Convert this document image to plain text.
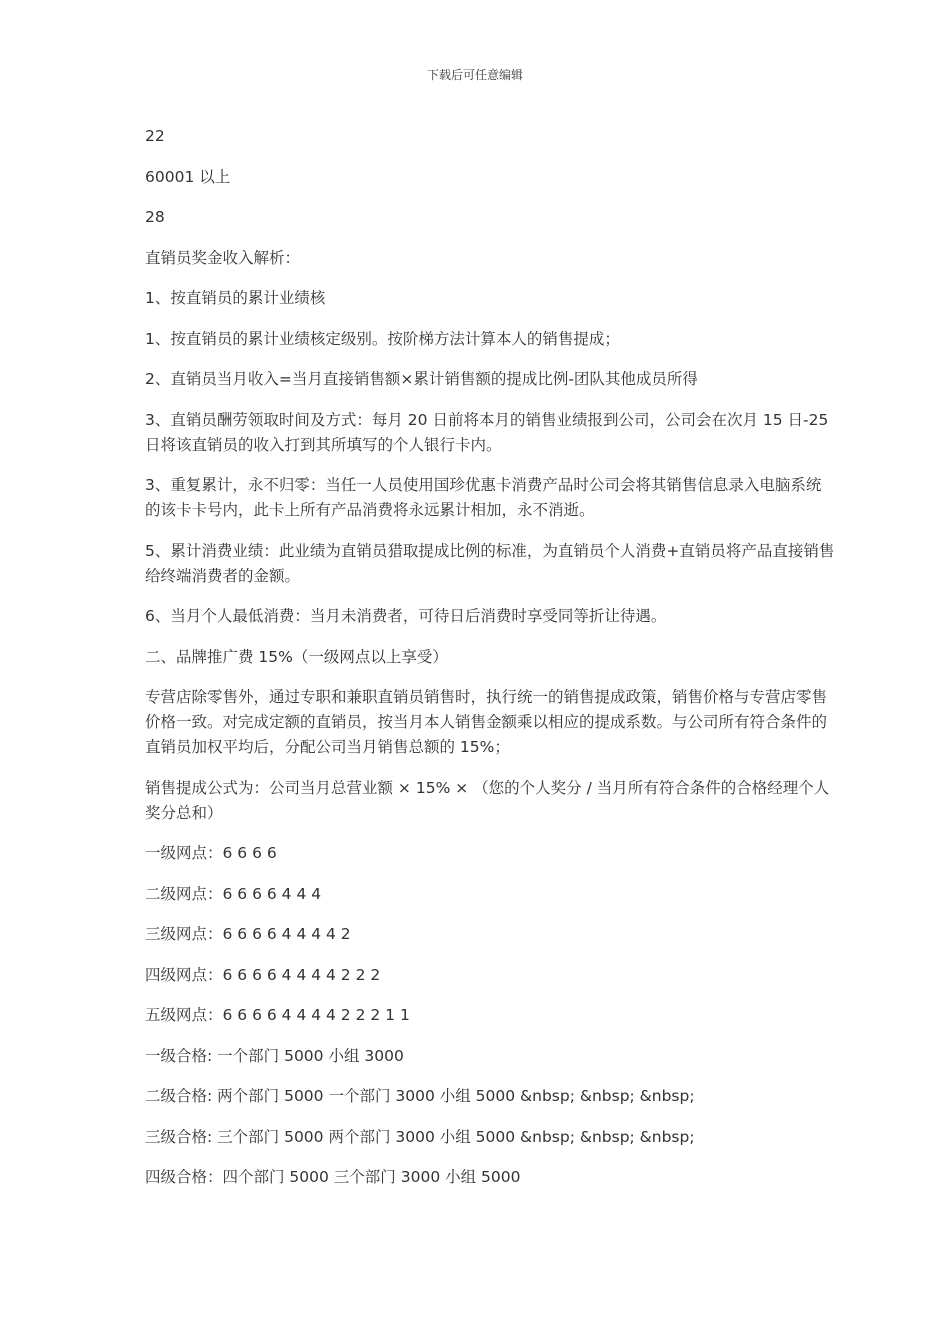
下载后可任意编辑

22

60001 以上

28

直销员奖金收入解析：

1、按直销员的累计业绩核

1、按直销员的累计业绩核定级别。按阶梯方法计算本人的销售提成；

2、直销员当月收入=当月直接销售额×累计销售额的提成比例-团队其他成员所得

3、直销员酬劳领取时间及方式：每月 20 日前将本月的销售业绩报到公司，公司会在次月 15 日-25 日将该直销员的收入打到其所填写的个人银行卡内。

3、重复累计，永不归零：当任一人员使用国珍优惠卡消费产品时公司会将其销售信息录入电脑系统的该卡卡号内，此卡上所有产品消费将永远累计相加，永不消逝。

5、累计消费业绩：此业绩为直销员猎取提成比例的标准，为直销员个人消费+直销员将产品直接销售给终端消费者的金额。

6、当月个人最低消费：当月未消费者，可待日后消费时享受同等折让待遇。

二、品牌推广费 15%（一级网点以上享受）

专营店除零售外，通过专职和兼职直销员销售时，执行统一的销售提成政策，销售价格与专营店零售价格一致。对完成定额的直销员，按当月本人销售金额乘以相应的提成系数。与公司所有符合条件的直销员加权平均后，分配公司当月销售总额的 15%；

销售提成公式为：公司当月总营业额 × 15% × （您的个人奖分 / 当月所有符合条件的合格经理个人奖分总和）

一级网点：6 6 6 6

二级网点：6 6 6 6 4 4 4

三级网点：6 6 6 6 4 4 4 4 2

四级网点：6 6 6 6 4 4 4 4 2 2 2

五级网点：6 6 6 6 4 4 4 4 2 2 2 1 1

一级合格: 一个部门 5000 小组 3000

二级合格: 两个部门 5000 一个部门 3000 小组 5000 &nbsp; &nbsp; &nbsp;

三级合格: 三个部门 5000 两个部门 3000 小组 5000 &nbsp; &nbsp; &nbsp;

四级合格：四个部门 5000 三个部门 3000 小组 5000
